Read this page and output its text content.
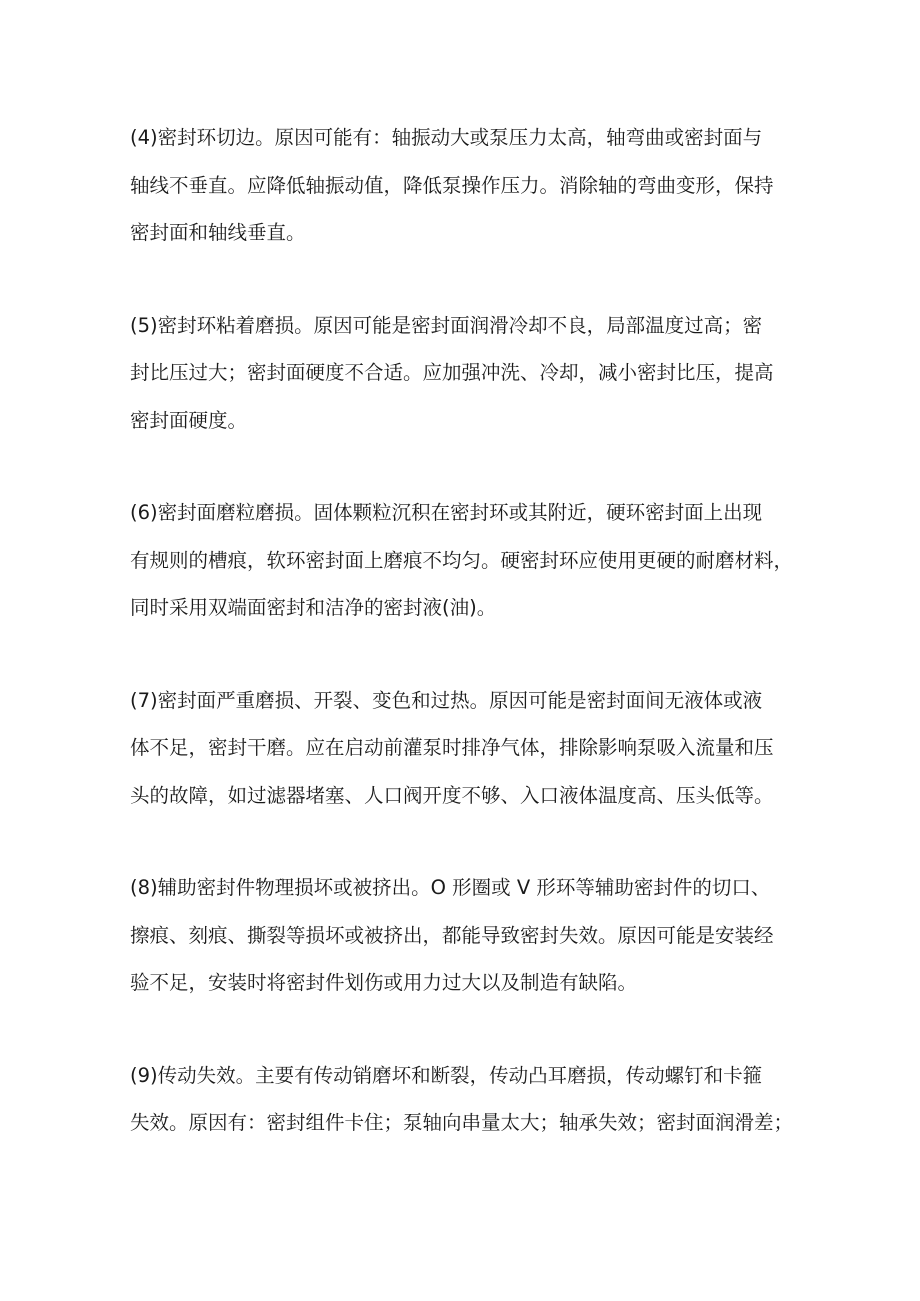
(4)密封环切边。原因可能有：轴振动大或泵压力太高，轴弯曲或密封面与
轴线不垂直。应降低轴振动值，降低泵操作压力。消除轴的弯曲变形，保持
密封面和轴线垂直。

(5)密封环粘着磨损。原因可能是密封面润滑冷却不良，局部温度过高；密
封比压过大；密封面硬度不合适。应加强冲洗、冷却，减小密封比压，提高
密封面硬度。

(6)密封面磨粒磨损。固体颗粒沉积在密封环或其附近，硬环密封面上出现
有规则的槽痕，软环密封面上磨痕不均匀。硬密封环应使用更硬的耐磨材料，
同时采用双端面密封和洁净的密封液(油)。

(7)密封面严重磨损、开裂、变色和过热。原因可能是密封面间无液体或液
体不足，密封干磨。应在启动前灌泵时排净气体，排除影响泵吸入流量和压
头的故障，如过滤器堵塞、人口阀开度不够、入口液体温度高、压头低等。

(8)辅助密封件物理损坏或被挤出。O 形圈或 V 形环等辅助密封件的切口、
擦痕、刻痕、撕裂等损坏或被挤出，都能导致密封失效。原因可能是安装经
验不足，安装时将密封件划伤或用力过大以及制造有缺陷。

(9)传动失效。主要有传动销磨坏和断裂，传动凸耳磨损，传动螺钉和卡箍
失效。原因有：密封组件卡住；泵轴向串量太大；轴承失效；密封面润滑差；
